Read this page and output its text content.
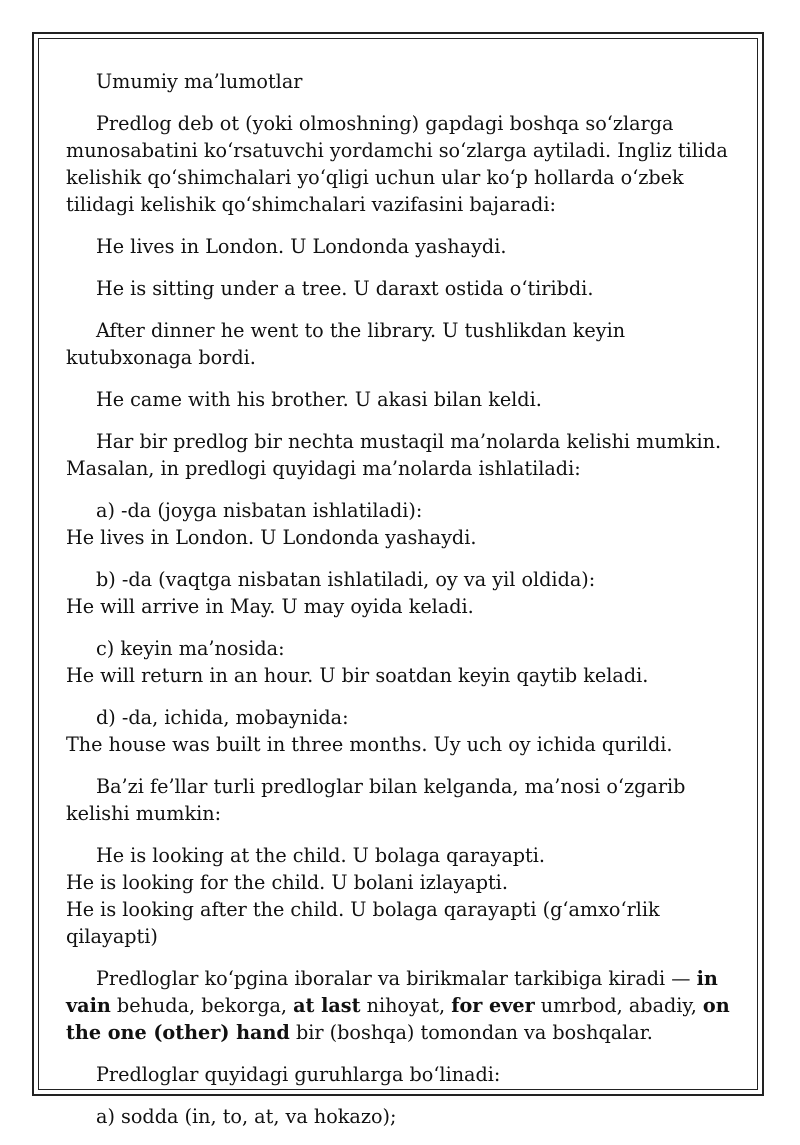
Umumiy ma’lumotlar

Predlog deb ot (yoki olmoshning) gapdagi boshqa so‘zlarga munosabatini ko‘rsatuvchi yordamchi so‘zlarga aytiladi. Ingliz tilida kelishik qo‘shimchalari yo‘qligi uchun ular ko‘p hollarda o‘zbek tilidagi kelishik qo‘shimchalari vazifasini bajaradi:

He lives in London. U Londonda yashaydi.

He is sitting under a tree. U daraxt ostida o‘tiribdi.

After dinner he went to the library. U tushlikdan keyin kutubxonaga bordi.

He came with his brother. U akasi bilan keldi.

Har bir predlog bir nechta mustaqil ma’nolarda kelishi mumkin. Masalan, in predlogi quyidagi ma’nolarda ishlatiladi:

a) -da (joyga nisbatan ishlatiladi):
He lives in London. U Londonda yashaydi.
b) -da (vaqtga nisbatan ishlatiladi, oy va yil oldida):
He will arrive in May. U may oyida keladi.
c) keyin ma’nosida:
He will return in an hour. U bir soatdan keyin qaytib keladi.
d) -da, ichida, mobaynida:
The house was built in three months. Uy uch oy ichida qurildi.

Ba’zi fe’llar turli predloglar bilan kelganda, ma’nosi o‘zgarib kelishi mumkin:

He is looking at the child. U bolaga qarayapti.
He is looking for the child. U bolani izlayapti.
He is looking after the child. U bolaga qarayapti (g‘amxo‘rlik qilayapti)

Predloglar ko‘pgina iboralar va birikmalar tarkibiga kiradi — in vain behuda, bekorga, at last nihoyat, for ever umrbod, abadiy, on the one (other) hand bir (boshqa) tomondan va boshqalar.

Predloglar quyidagi guruhlarga bo‘linadi:

a) sodda (in, to, at, va hokazo);
